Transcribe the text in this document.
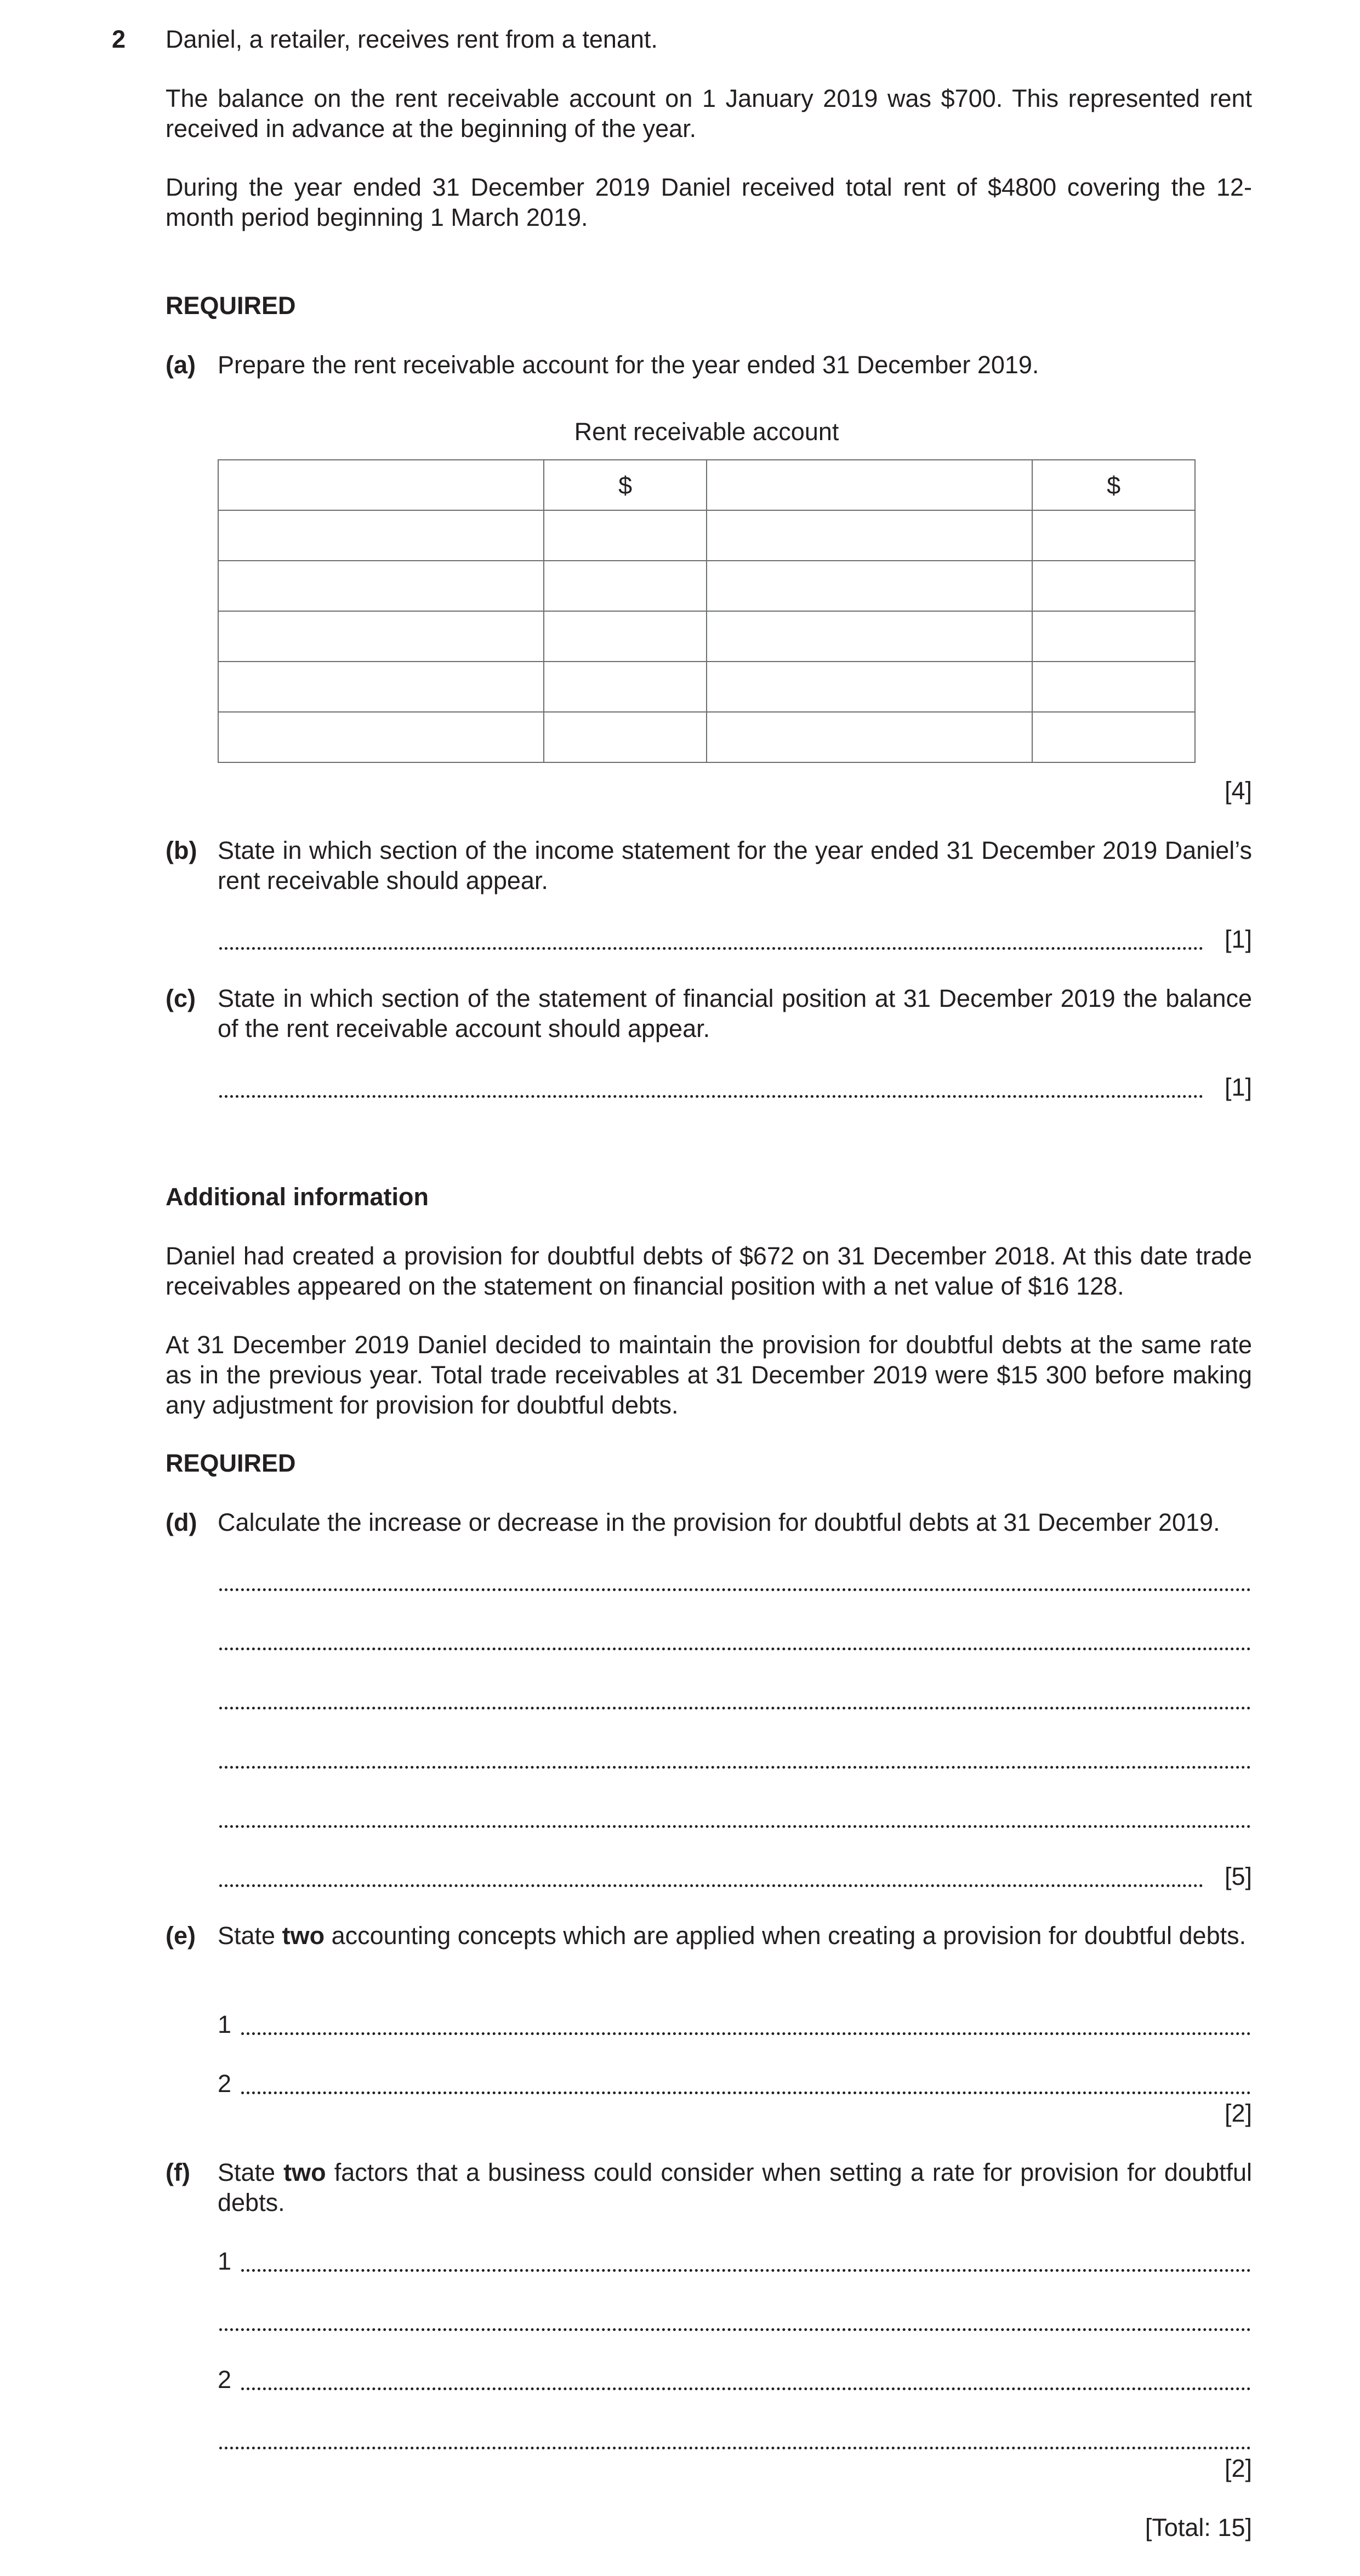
2 Daniel, a retailer, receives rent from a tenant.
The balance on the rent receivable account on 1 January 2019 was $700. This represented rent received in advance at the beginning of the year.
During the year ended 31 December 2019 Daniel received total rent of $4800 covering the 12-month period beginning 1 March 2019.
REQUIRED
(a) Prepare the rent receivable account for the year ended 31 December 2019.
Rent receivable account
	$		$

[4]
(b) State in which section of the income statement for the year ended 31 December 2019 Daniel’s rent receivable should appear.
[1]
(c) State in which section of the statement of financial position at 31 December 2019 the balance of the rent receivable account should appear.
[1]
Additional information
Daniel had created a provision for doubtful debts of $672 on 31 December 2018. At this date trade receivables appeared on the statement on financial position with a net value of $16 128.
At 31 December 2019 Daniel decided to maintain the provision for doubtful debts at the same rate as in the previous year. Total trade receivables at 31 December 2019 were $15 300 before making any adjustment for provision for doubtful debts.
REQUIRED
(d) Calculate the increase or decrease in the provision for doubtful debts at 31 December 2019.
[5]
(e) State two accounting concepts which are applied when creating a provision for doubtful debts.
1
2
[2]
(f) State two factors that a business could consider when setting a rate for provision for doubtful debts.
1
2
[2]
[Total: 15]
